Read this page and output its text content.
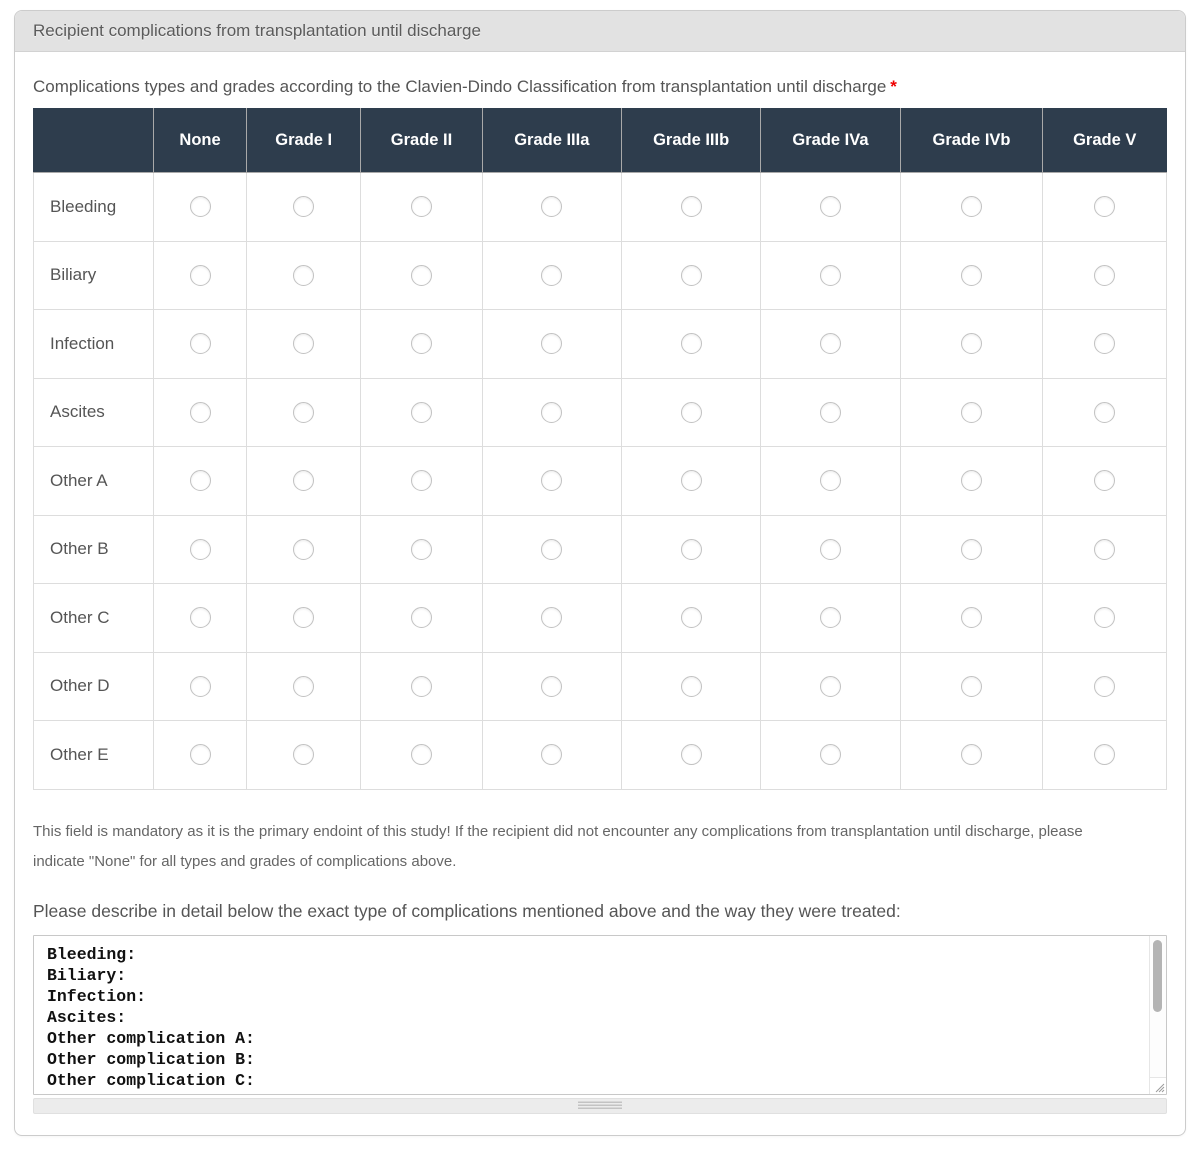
Recipient complications from transplantation until discharge
Complications types and grades according to the Clavien-Dindo Classification from transplantation until discharge *
	None	Grade I	Grade II	Grade IIIa	Grade IIIb	Grade IVa	Grade IVb	Grade V
Bleeding								
Biliary								
Infection								
Ascites								
Other A								
Other B								
Other C								
Other D								
Other E								

This field is mandatory as it is the primary endoint of this study! If the recipient did not encounter any complications from transplantation until discharge, please indicate "None" for all types and grades of complications above.

Please describe in detail below the exact type of complications mentioned above and the way they were treated:

Bleeding: Biliary: Infection: Ascites: Other complication A: Other complication B: Other complication C:
